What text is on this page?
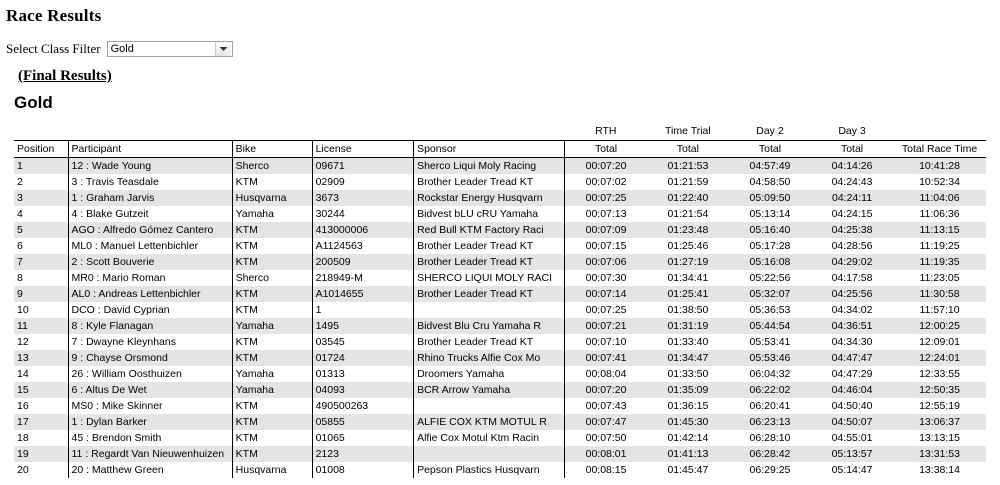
Race Results
Select Class Filter Gold
(Final Results)
Gold
					RTH	Time Trial	Day 2	Day 3	
Position	Participant	Bike	License	Sponsor	Total	Total	Total	Total	Total Race Time
1	12 : Wade Young	Sherco	09671	Sherco Liqui Moly Racing	00:07:20	01:21:53	04:57:49	04:14:26	10:41:28
2	3 : Travis Teasdale	KTM	02909	Brother Leader Tread KT	00:07:02	01:21:59	04:58:50	04:24:43	10:52:34
3	1 : Graham Jarvis	Husqvarna	3673	Rockstar Energy Husqvarn	00:07:25	01:22:40	05:09:50	04:24:11	11:04:06
4	4 : Blake Gutzeit	Yamaha	30244	Bidvest bLU cRU Yamaha	00:07:13	01:21:54	05:13:14	04:24:15	11:06:36
5	AGO : Alfredo Gómez Cantero	KTM	413000006	Red Bull KTM Factory Raci	00:07:09	01:23:48	05:16:40	04:25:38	11:13:15
6	ML0 : Manuel Lettenbichler	KTM	A1124563	Brother Leader Tread KT	00:07:15	01:25:46	05:17:28	04:28:56	11:19:25
7	2 : Scott Bouverie	KTM	200509	Brother Leader Tread KT	00:07:06	01:27:19	05:16:08	04:29:02	11:19:35
8	MR0 : Mario Roman	Sherco	218949-M	SHERCO LIQUI MOLY RACI	00:07:30	01:34:41	05:22:56	04:17:58	11:23:05
9	AL0 : Andreas Lettenbichler	KTM	A1014655	Brother Leader Tread KT	00:07:14	01:25:41	05:32:07	04:25:56	11:30:58
10	DCO : David Cyprian	KTM	1		00:07:25	01:38:50	05:36:53	04:34:02	11:57:10
11	8 : Kyle Flanagan	Yamaha	1495	Bidvest Blu Cru Yamaha R	00:07:21	01:31:19	05:44:54	04:36:51	12:00:25
12	7 : Dwayne Kleynhans	KTM	03545	Brother Leader Tread KT	00:07:10	01:33:40	05:53:41	04:34:30	12:09:01
13	9 : Chayse Orsmond	KTM	01724	Rhino Trucks Alfie Cox Mo	00:07:41	01:34:47	05:53:46	04:47:47	12:24:01
14	26 : William Oosthuizen	Yamaha	01313	Droomers Yamaha	00:08:04	01:33:50	06:04:32	04:47:29	12:33:55
15	6 : Altus De Wet	Yamaha	04093	BCR Arrow Yamaha	00:07:20	01:35:09	06:22:02	04:46:04	12:50:35
16	MS0 : Mike Skinner	KTM	490500263		00:07:43	01:36:15	06:20:41	04:50:40	12:55:19
17	1 : Dylan Barker	KTM	05855	ALFIE COX KTM MOTUL R	00:07:47	01:45:30	06:23:13	04:50:07	13:06:37
18	45 : Brendon Smith	KTM	01065	Alfie Cox Motul Ktm Racin	00:07:50	01:42:14	06:28:10	04:55:01	13:13:15
19	11 : Regardt Van Nieuwenhuizen	KTM	2123		00:08:01	01:41:13	06:28:42	05:13:57	13:31:53
20	20 : Matthew Green	Husqvarna	01008	Pepson Plastics Husqvarn	00:08:15	01:45:47	06:29:25	05:14:47	13:38:14
